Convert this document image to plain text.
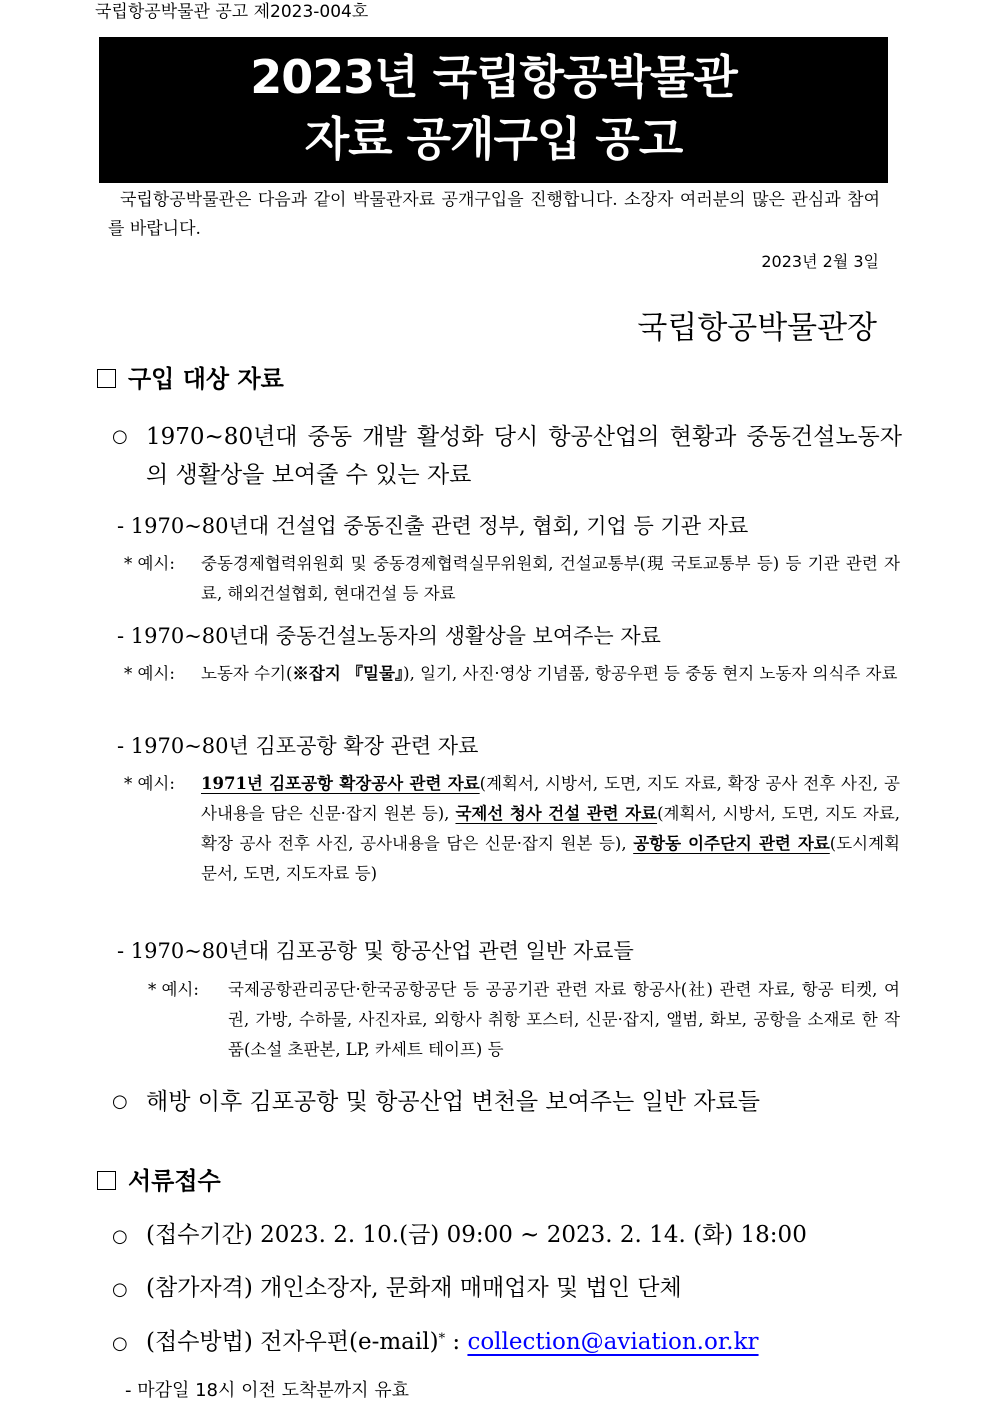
국립항공박물관 공고 제2023-004호
2023년 국립항공박물관
자료 공개구입 공고
국립항공박물관은 다음과 같이 박물관자료 공개구입을 진행합니다. 소장자 여러분의 많은 관심과 참여를 바랍니다.
2023년 2월 3일
국립항공박물관장
구입 대상 자료
○ 1970~80년대 중동 개발 활성화 당시 항공산업의 현황과 중동건설노동자의 생활상을 보여줄 수 있는 자료
- 1970~80년대 건설업 중동진출 관련 정부, 협회, 기업 등 기관 자료
* 예시:	중동경제협력위원회 및 중동경제협력실무위원회, 건설교통부(現 국토교통부 등) 등 기관 관련 자료, 해외건설협회, 현대건설 등 자료
- 1970~80년대 중동건설노동자의 생활상을 보여주는 자료
* 예시:	노동자 수기(※잡지 『밀물』), 일기, 사진·영상 기념품, 항공우편 등 중동 현지 노동자 의식주 자료
- 1970~80년 김포공항 확장 관련 자료
* 예시:	1971년 김포공항 확장공사 관련 자료(계획서, 시방서, 도면, 지도 자료, 확장 공사 전후 사진, 공사내용을 담은 신문·잡지 원본 등), 국제선 청사 건설 관련 자료(계획서, 시방서, 도면, 지도 자료, 확장 공사 전후 사진, 공사내용을 담은 신문·잡지 원본 등), 공항동 이주단지 관련 자료(도시계획 문서, 도면, 지도자료 등)
- 1970~80년대 김포공항 및 항공산업 관련 일반 자료들
* 예시:	국제공항관리공단·한국공항공단 등 공공기관 관련 자료 항공사(社) 관련 자료, 항공 티켓, 여권, 가방, 수하물, 사진자료, 외항사 취항 포스터, 신문·잡지, 앨범, 화보, 공항을 소재로 한 작품(소설 초판본, LP, 카세트 테이프) 등
○ 해방 이후 김포공항 및 항공산업 변천을 보여주는 일반 자료들
서류접수
○ (접수기간) 2023. 2. 10.(금) 09:00 ~ 2023. 2. 14. (화) 18:00
○ (참가자격) 개인소장자, 문화재 매매업자 및 법인 단체
○ (접수방법) 전자우편(e-mail)* : collection@aviation.or.kr
- 마감일 18시 이전 도착분까지 유효
